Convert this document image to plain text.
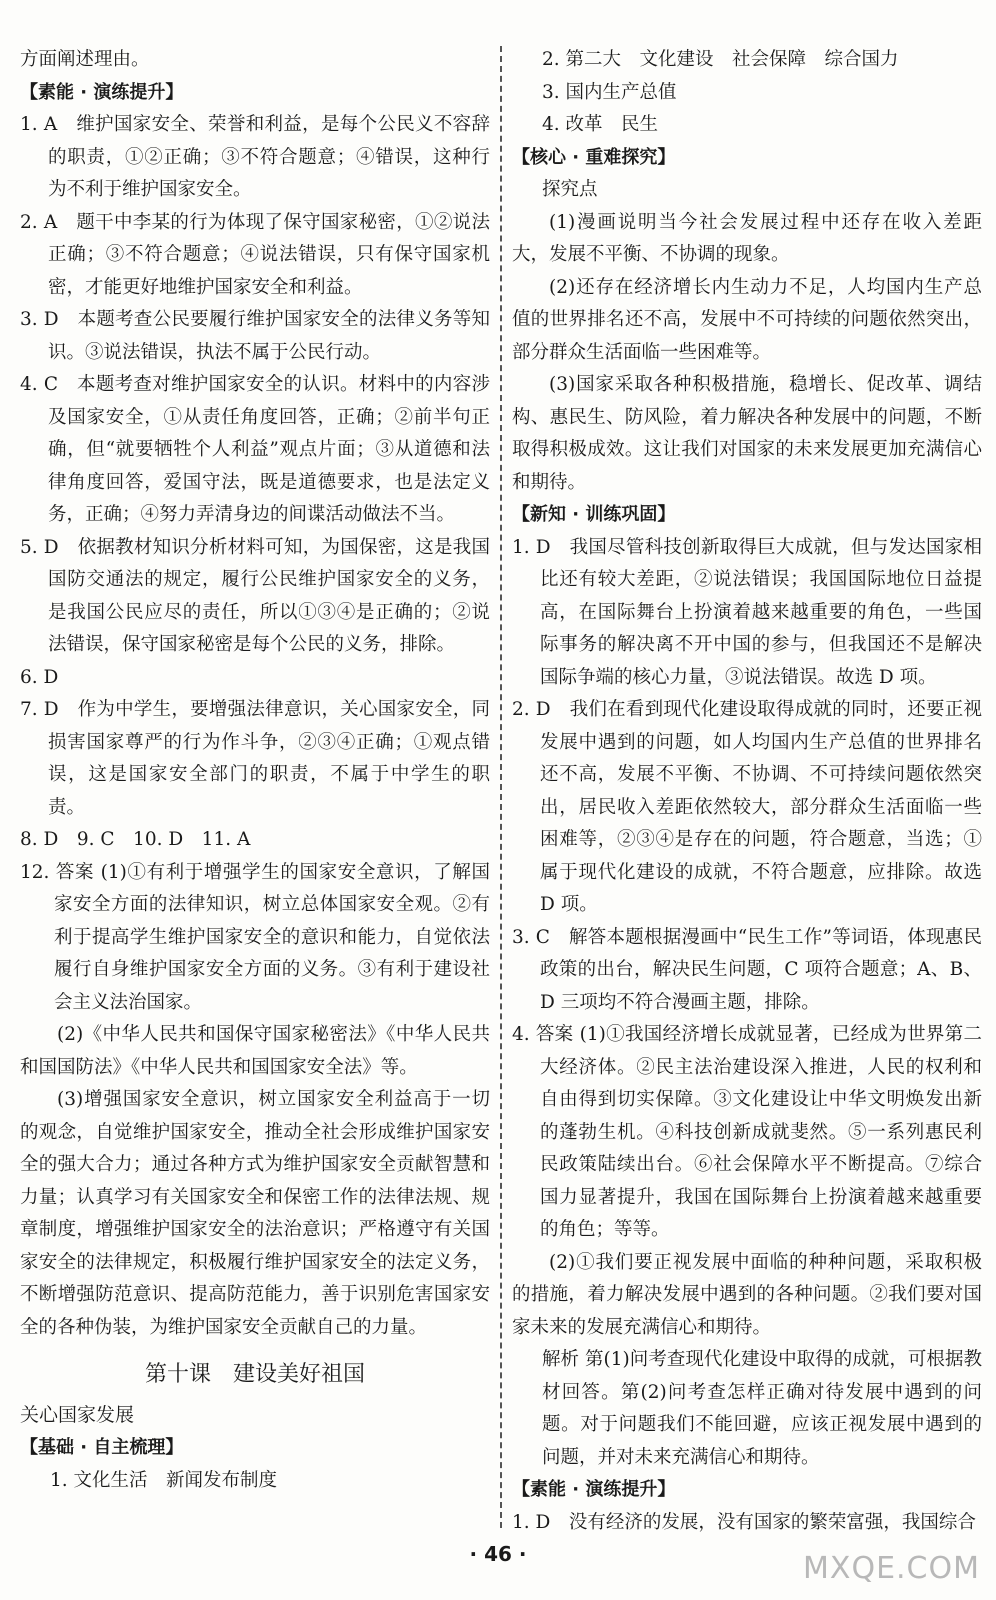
方面阐述理由。

【素能 · 演练提升】

1. A　维护国家安全、荣誉和利益，是每个公民义不容辞的职责，①②正确；③不符合题意；④错误，这种行为不利于维护国家安全。

2. A　题干中李某的行为体现了保守国家秘密，①②说法正确；③不符合题意；④说法错误，只有保守国家机密，才能更好地维护国家安全和利益。

3. D　本题考查公民要履行维护国家安全的法律义务等知识。③说法错误，执法不属于公民行动。

4. C　本题考查对维护国家安全的认识。材料中的内容涉及国家安全，①从责任角度回答，正确；②前半句正确，但“就要牺牲个人利益”观点片面；③从道德和法律角度回答，爱国守法，既是道德要求，也是法定义务，正确；④努力弄清身边的间谍活动做法不当。

5. D　依据教材知识分析材料可知，为国保密，这是我国国防交通法的规定，履行公民维护国家安全的义务，是我国公民应尽的责任，所以①③④是正确的；②说法错误，保守国家秘密是每个公民的义务，排除。

6. D

7. D　作为中学生，要增强法律意识，关心国家安全，同损害国家尊严的行为作斗争，②③④正确；①观点错误，这是国家安全部门的职责，不属于中学生的职责。

8. D　9. C　10. D　11. A

12. 答案 (1)①有利于增强学生的国家安全意识，了解国家安全方面的法律知识，树立总体国家安全观。②有利于提高学生维护国家安全的意识和能力，自觉依法履行自身维护国家安全方面的义务。③有利于建设社会主义法治国家。

(2)《中华人民共和国保守国家秘密法》《中华人民共和国国防法》《中华人民共和国国家安全法》等。

(3)增强国家安全意识，树立国家安全利益高于一切的观念，自觉维护国家安全，推动全社会形成维护国家安全的强大合力；通过各种方式为维护国家安全贡献智慧和力量；认真学习有关国家安全和保密工作的法律法规、规章制度，增强维护国家安全的法治意识；严格遵守有关国家安全的法律规定，积极履行维护国家安全的法定义务，不断增强防范意识、提高防范能力，善于识别危害国家安全的各种伪装，为维护国家安全贡献自己的力量。

第十课　建设美好祖国

关心国家发展

【基础 · 自主梳理】

1. 文化生活　新闻发布制度

2. 第二大　文化建设　社会保障　综合国力

3. 国内生产总值

4. 改革　民生

【核心 · 重难探究】

探究点

(1)漫画说明当今社会发展过程中还存在收入差距大，发展不平衡、不协调的现象。

(2)还存在经济增长内生动力不足，人均国内生产总值的世界排名还不高，发展中不可持续的问题依然突出，部分群众生活面临一些困难等。

(3)国家采取各种积极措施，稳增长、促改革、调结构、惠民生、防风险，着力解决各种发展中的问题，不断取得积极成效。这让我们对国家的未来发展更加充满信心和期待。

【新知 · 训练巩固】

1. D　我国尽管科技创新取得巨大成就，但与发达国家相比还有较大差距，②说法错误；我国国际地位日益提高，在国际舞台上扮演着越来越重要的角色，一些国际事务的解决离不开中国的参与，但我国还不是解决国际争端的核心力量，③说法错误。故选 D 项。

2. D　我们在看到现代化建设取得成就的同时，还要正视发展中遇到的问题，如人均国内生产总值的世界排名还不高，发展不平衡、不协调、不可持续问题依然突出，居民收入差距依然较大，部分群众生活面临一些困难等，②③④是存在的问题，符合题意，当选；①属于现代化建设的成就，不符合题意，应排除。故选 D 项。

3. C　解答本题根据漫画中“民生工作”等词语，体现惠民政策的出台，解决民生问题，C 项符合题意；A、B、D 三项均不符合漫画主题，排除。

4. 答案 (1)①我国经济增长成就显著，已经成为世界第二大经济体。②民主法治建设深入推进，人民的权利和自由得到切实保障。③文化建设让中华文明焕发出新的蓬勃生机。④科技创新成就斐然。⑤一系列惠民利民政策陆续出台。⑥社会保障水平不断提高。⑦综合国力显著提升，我国在国际舞台上扮演着越来越重要的角色；等等。

(2)①我们要正视发展中面临的种种问题，采取积极的措施，着力解决发展中遇到的各种问题。②我们要对国家未来的发展充满信心和期待。

解析 第(1)问考查现代化建设中取得的成就，可根据教材回答。第(2)问考查怎样正确对待发展中遇到的问题。对于问题我们不能回避，应该正视发展中遇到的问题，并对未来充满信心和期待。

【素能 · 演练提升】

1. D　没有经济的发展，没有国家的繁荣富强，我国综合

· 46 ·	MXQE.COM
